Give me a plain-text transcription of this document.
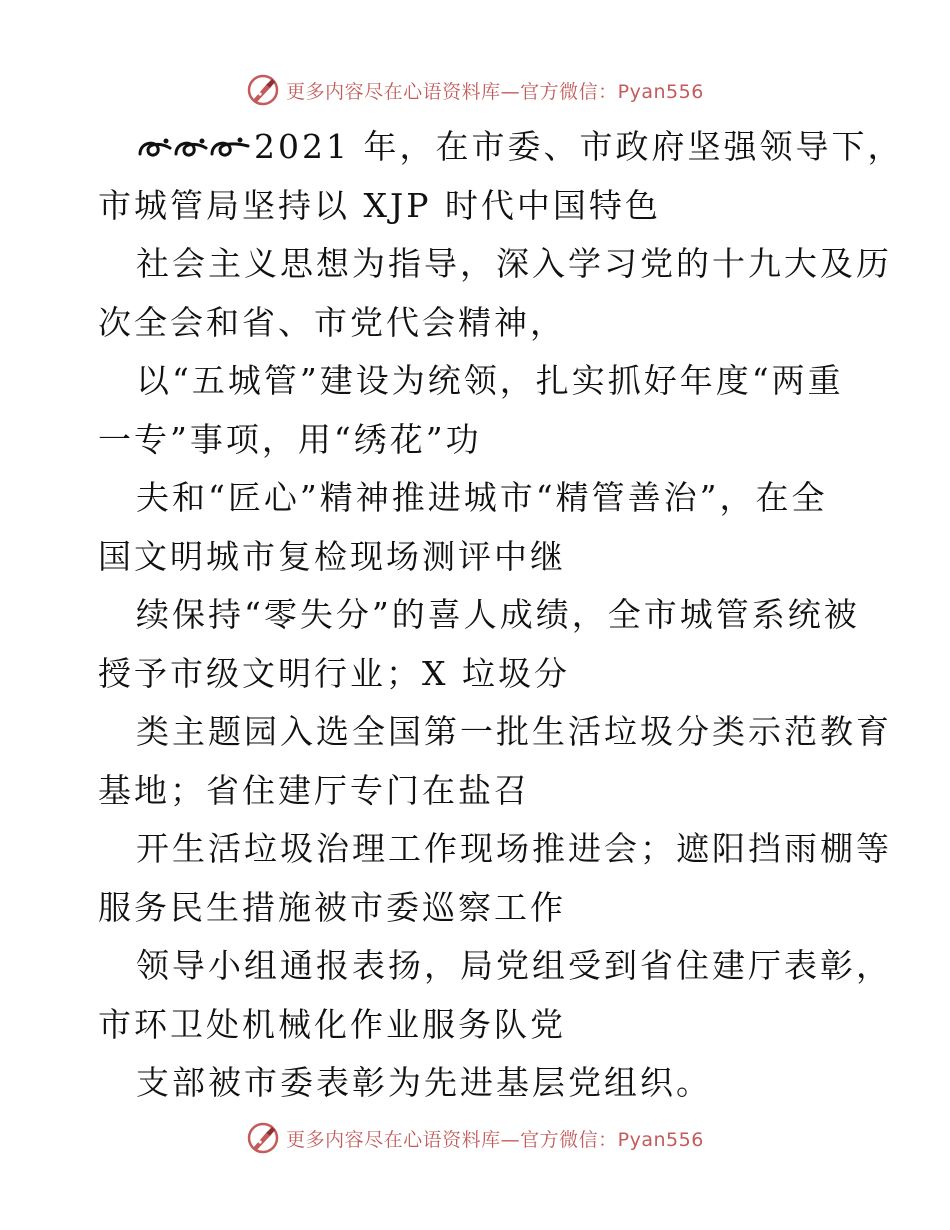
更多内容尽在心语资料库—官方微信：Pyan556
2021 年，在市委、市政府坚强领导下，
市城管局坚持以 XJP 时代中国特色
社会主义思想为指导，深入学习党的十九大及历
次全会和省、市党代会精神，
以“五城管”建设为统领，扎实抓好年度“两重
一专”事项，用“绣花”功
夫和“匠心”精神推进城市“精管善治”，在全
国文明城市复检现场测评中继
续保持“零失分”的喜人成绩，全市城管系统被
授予市级文明行业；X 垃圾分
类主题园入选全国第一批生活垃圾分类示范教育
基地；省住建厅专门在盐召
开生活垃圾治理工作现场推进会；遮阳挡雨棚等
服务民生措施被市委巡察工作
领导小组通报表扬，局党组受到省住建厅表彰，
市环卫处机械化作业服务队党
支部被市委表彰为先进基层党组织。
更多内容尽在心语资料库—官方微信：Pyan556
